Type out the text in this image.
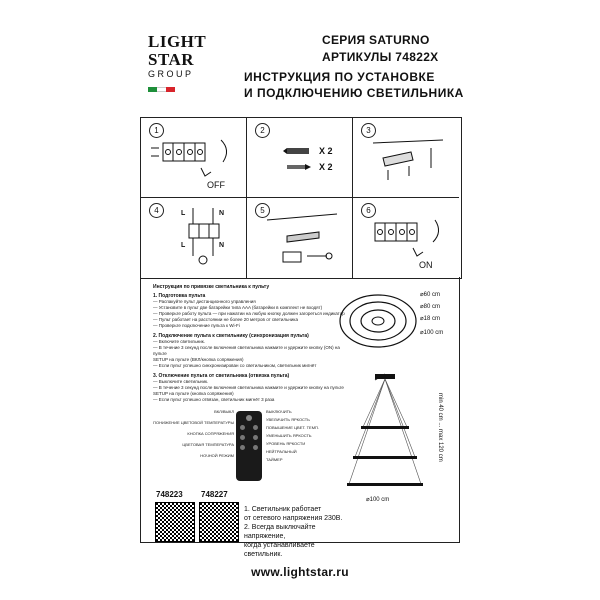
LIGHT
STAR
GROUP
СЕРИЯ SATURNO
АРТИКУЛЫ 74822X
ИНСТРУКЦИЯ ПО УСТАНОВКЕ
И ПОДКЛЮЧЕНИЮ СВЕТИЛЬНИКА
1
OFF
2
X 2
X 2
3
4	L	N
L	N
5	6
ON
Инструкция по привязке светильника к пульту
1. Подготовка пульта
— Распакуйте пульт дистанционного управления
— Установите в пульт две батарейки типа AAA (батарейки в комплект не входят)
— Проверьте работу пульта — при нажатии на любую кнопку должен загореться индикатор
— Пульт работает на расстоянии не более 20 метров от светильника
— Проверьте подключение пульта к Wi-Fi
2. Подключение пульта к светильнику (синхронизация пульта)
— Включите светильник.
— В течение 3 секунд после включения светильника нажмите и удержите кнопку (ON) на пульте
SETUP на пульте (ВКЛ/кнопка сопряжения)
— Если пульт успешно синхронизирован со светильником, светильник мигнёт
3. Отключение пульта от светильника (отвязка пульта)
— Выключите светильник.
— В течение 3 секунд после включения светильника нажмите и удержите кнопку на пульте
SETUP на пульте (кнопка сопряжения)
— Если пульт успешно отвязан, светильник мигнёт 3 раза
⌀60 cm
⌀80 cm
⌀18 cm
⌀100 cm
min 40 cm ... max 120 cm
⌀100 cm
ВКЛ/ВЫКЛ
ПОНИЖЕНИЕ ЦВЕТОВОЙ ТЕМПЕРАТУРЫ
КНОПКА СОПРЯЖЕНИЯ
ЦВЕТОВАЯ ТЕМПЕРАТУРА
НОЧНОЙ РЕЖИМ
ВЫКЛЮЧИТЬ
УВЕЛИЧИТЬ ЯРКОСТЬ
ПОВЫШЕНИЕ ЦВЕТ. ТЕМП.
УМЕНЬШИТЬ ЯРКОСТЬ
УРОВЕНЬ ЯРКОСТИ
НЕЙТРАЛЬНЫЙ
ТАЙМЕР
748223 748227
1. Светильник работает
от сетевого напряжения 230В.
2. Всегда выключайте напряжение,
когда устанавливаете светильник.
www.lightstar.ru
